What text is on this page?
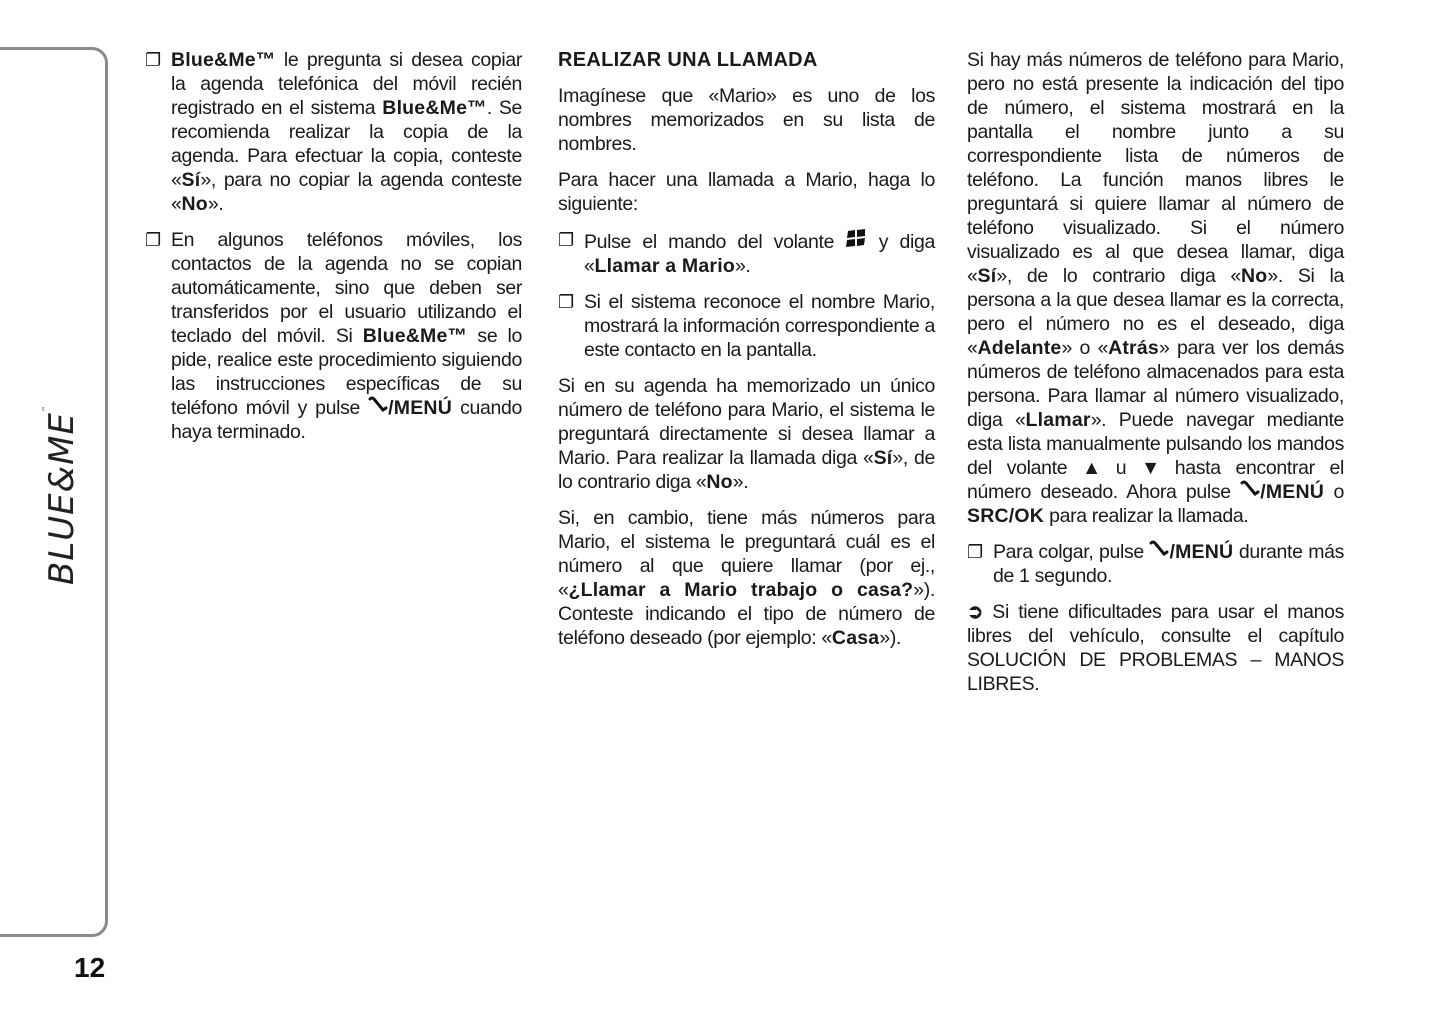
BLUE&ME™
12
❐ Blue&Me™ le pregunta si desea copiar la agenda telefónica del móvil recién registrado en el sistema Blue&Me™. Se recomienda realizar la copia de la agenda. Para efectuar la copia, conteste «Sí», para no copiar la agenda conteste «No».
❐ En algunos teléfonos móviles, los contactos de la agenda no se copian automáticamente, sino que deben ser transferidos por el usuario utilizando el teclado del móvil. Si Blue&Me™ se lo pide, realice este procedimiento siguiendo las instrucciones específicas de su teléfono móvil y pulse /MENÚ cuando haya terminado.
REALIZAR UNA LLAMADA
Imagínese que «Mario» es uno de los nombres memorizados en su lista de nombres.
Para hacer una llamada a Mario, haga lo siguiente:
❐ Pulse el mando del volante  y diga «Llamar a Mario».
❐ Si el sistema reconoce el nombre Mario, mostrará la información correspondiente a este contacto en la pantalla.
Si en su agenda ha memorizado un único número de teléfono para Mario, el sistema le preguntará directamente si desea llamar a Mario. Para realizar la llamada diga «Sí», de lo contrario diga «No».
Si, en cambio, tiene más números para Mario, el sistema le preguntará cuál es el número al que quiere llamar (por ej., «¿Llamar a Mario trabajo o casa?»). Conteste indicando el tipo de número de teléfono deseado (por ejemplo: «Casa»).
Si hay más números de teléfono para Mario, pero no está presente la indicación del tipo de número, el sistema mostrará en la pantalla el nombre junto a su correspondiente lista de números de teléfono. La función manos libres le preguntará si quiere llamar al número de teléfono visualizado. Si el número visualizado es al que desea llamar, diga «Sí», de lo contrario diga «No». Si la persona a la que desea llamar es la correcta, pero el número no es el deseado, diga «Adelante» o «Atrás» para ver los demás números de teléfono almacenados para esta persona. Para llamar al número visualizado, diga «Llamar». Puede navegar mediante esta lista manualmente pulsando los mandos del volante ▲ u ▼ hasta encontrar el número deseado. Ahora pulse /MENÚ o SRC/OK para realizar la llamada.
❐ Para colgar, pulse /MENÚ durante más de 1 segundo.
➲ Si tiene dificultades para usar el manos libres del vehículo, consulte el capítulo SOLUCIÓN DE PROBLEMAS – MANOS LIBRES.
